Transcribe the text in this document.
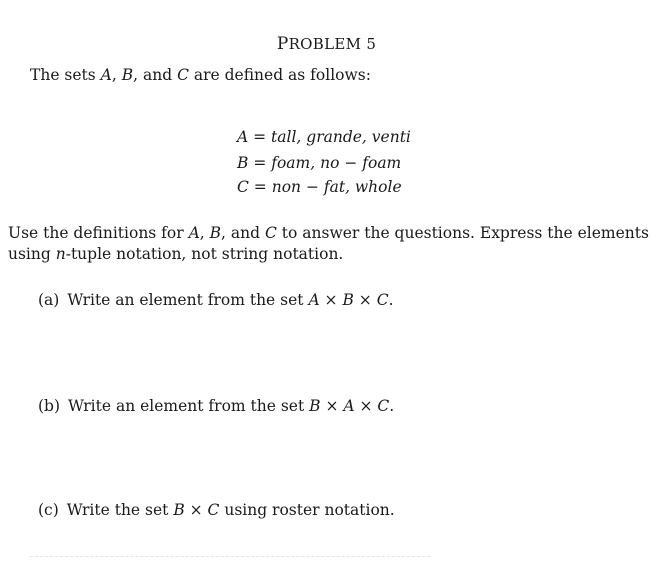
PROBLEM 5
The sets A, B, and C are defined as follows:
A = tall, grande, venti
B = foam, no − foam
C = non − fat, whole
Use the definitions for A, B, and C to answer the questions. Express the elements
using n-tuple notation, not string notation.
(a) Write an element from the set A × B × C.
(b) Write an element from the set B × A × C.
(c) Write the set B × C using roster notation.
